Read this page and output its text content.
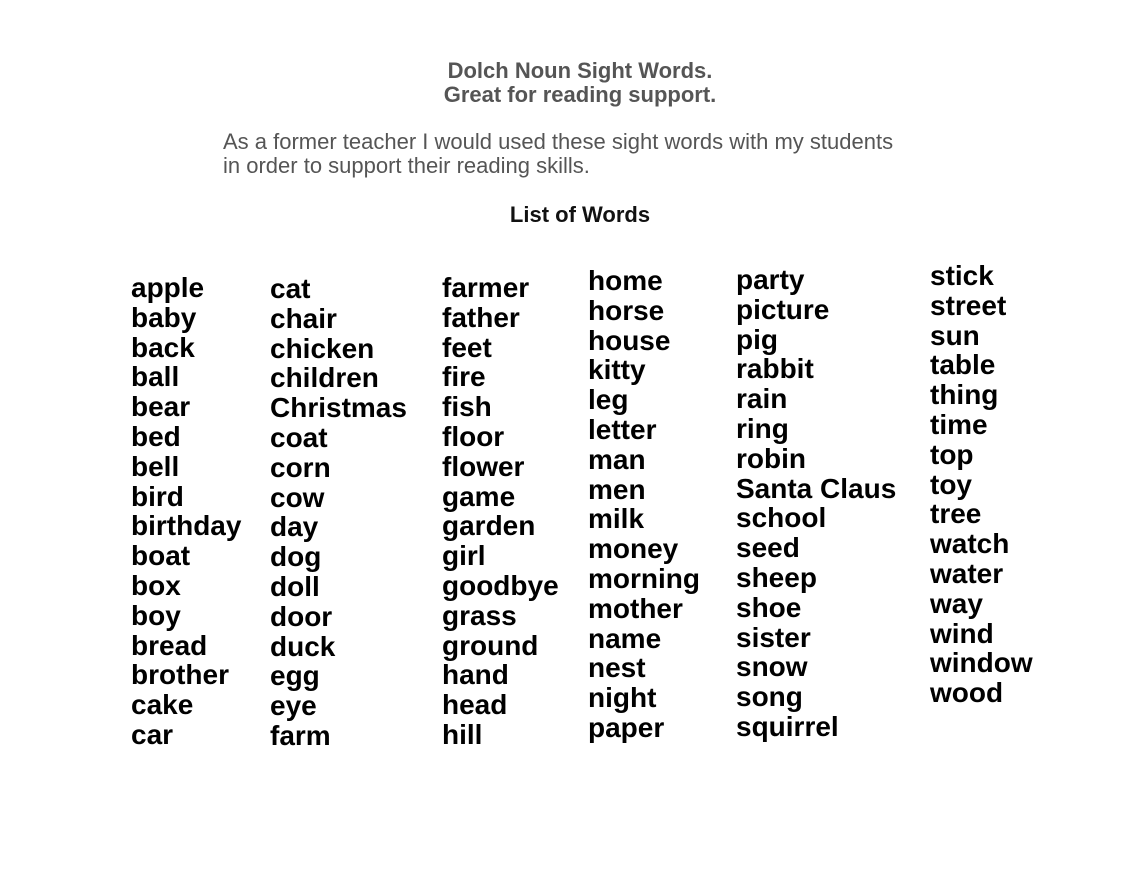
Dolch Noun Sight Words.
Great for reading support.

As a former teacher I would used these sight words with my students
in order to support their reading skills.

List of Words
apple
baby
back
ball
bear
bed
bell
bird
birthday
boat
box
boy
bread
brother
cake
car
cat
chair
chicken
children
Christmas
coat
corn
cow
day
dog
doll
door
duck
egg
eye
farm
farmer
father
feet
fire
fish
floor
flower
game
garden
girl
goodbye
grass
ground
hand
head
hill
home
horse
house
kitty
leg
letter
man
men
milk
money
morning
mother
name
nest
night
paper
party
picture
pig
rabbit
rain
ring
robin
Santa Claus
school
seed
sheep
shoe
sister
snow
song
squirrel
stick
street
sun
table
thing
time
top
toy
tree
watch
water
way
wind
window
wood
